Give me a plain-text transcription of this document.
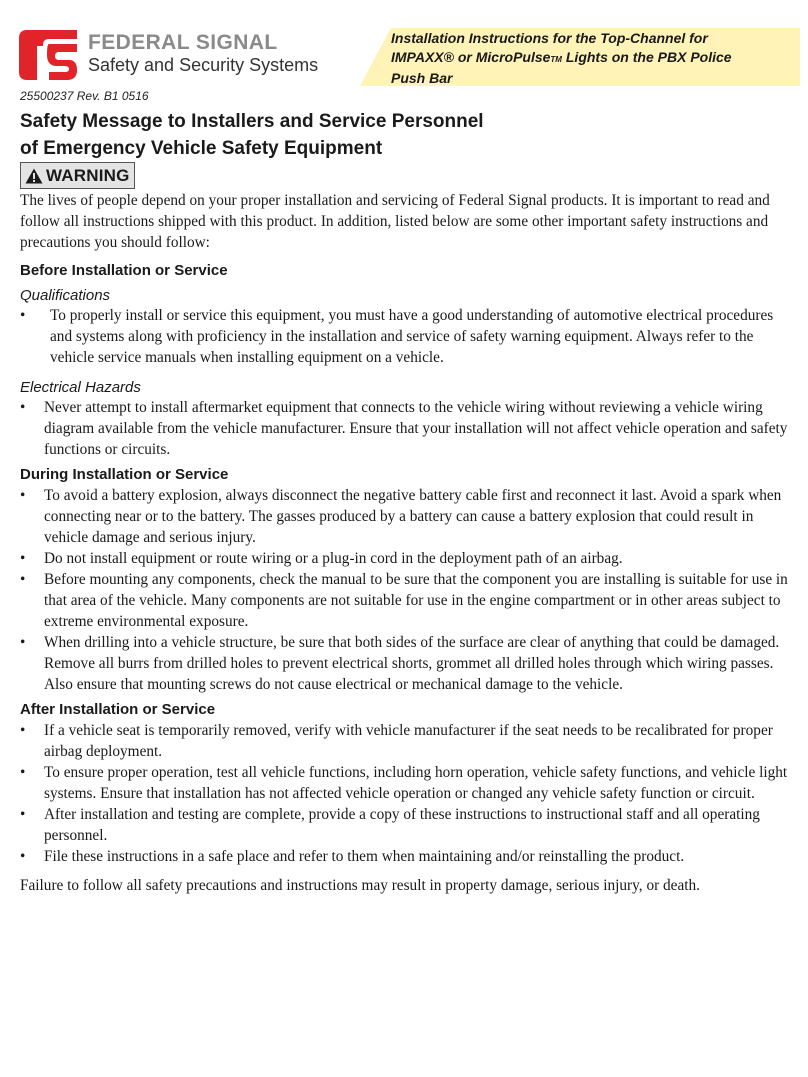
FEDERAL SIGNAL
Safety and Security Systems
Installation Instructions for the Top-Channel for
IMPAXX® or MicroPulseTM Lights on the PBX Police
Push Bar
25500237 Rev. B1 0516
Safety Message to Installers and Service Personnel
of Emergency Vehicle Safety Equipment
WARNING

The lives of people depend on your proper installation and servicing of Federal Signal products. It is important to read and follow all instructions shipped with this product. In addition, listed below are some other important safety instructions and precautions you should follow:

Before Installation or Service
Qualifications
• To properly install or service this equipment, you must have a good understanding of automotive electrical procedures and systems along with proficiency in the installation and service of safety warning equipment. Always refer to the vehicle service manuals when installing equipment on a vehicle.
Electrical Hazards
• Never attempt to install aftermarket equipment that connects to the vehicle wiring without reviewing a vehicle wiring diagram available from the vehicle manufacturer. Ensure that your installation will not affect vehicle operation and safety functions or circuits.
During Installation or Service
• To avoid a battery explosion, always disconnect the negative battery cable first and reconnect it last. Avoid a spark when connecting near or to the battery. The gasses produced by a battery can cause a battery explosion that could result in vehicle damage and serious injury.
• Do not install equipment or route wiring or a plug-in cord in the deployment path of an airbag.
• Before mounting any components, check the manual to be sure that the component you are installing is suitable for use in that area of the vehicle. Many components are not suitable for use in the engine compartment or in other areas subject to extreme environmental exposure.
• When drilling into a vehicle structure, be sure that both sides of the surface are clear of anything that could be damaged. Remove all burrs from drilled holes to prevent electrical shorts, grommet all drilled holes through which wiring passes. Also ensure that mounting screws do not cause electrical or mechanical damage to the vehicle.
After Installation or Service
• If a vehicle seat is temporarily removed, verify with vehicle manufacturer if the seat needs to be recalibrated for proper airbag deployment.
• To ensure proper operation, test all vehicle functions, including horn operation, vehicle safety functions, and vehicle light systems. Ensure that installation has not affected vehicle operation or changed any vehicle safety function or circuit.
• After installation and testing are complete, provide a copy of these instructions to instructional staff and all operating personnel.
• File these instructions in a safe place and refer to them when maintaining and/or reinstalling the product.

Failure to follow all safety precautions and instructions may result in property damage, serious injury, or death.
